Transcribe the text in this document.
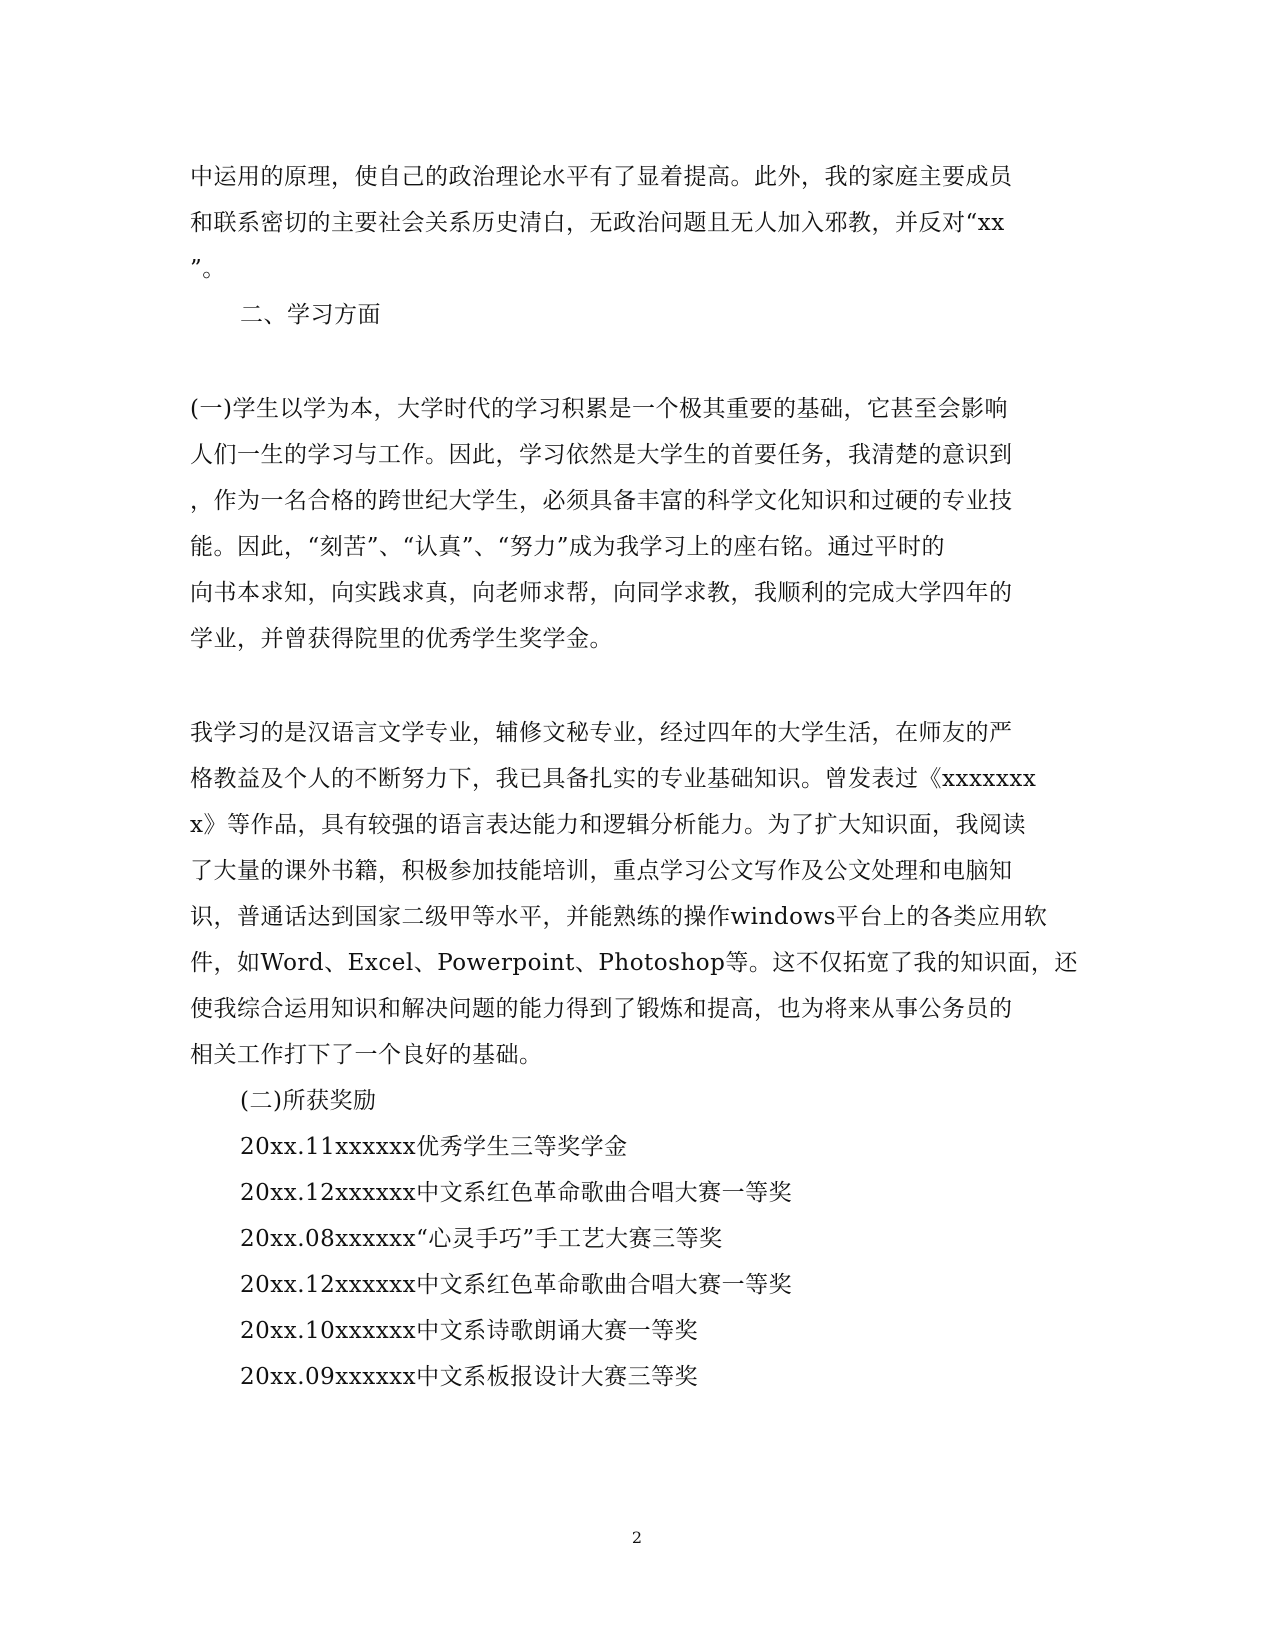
中运用的原理，使自己的政治理论水平有了显着提高。此外，我的家庭主要成员
和联系密切的主要社会关系历史清白，无政治问题且无人加入邪教，并反对“xx
”。
二、学习方面
(一)学生以学为本，大学时代的学习积累是一个极其重要的基础，它甚至会影响
人们一生的学习与工作。因此，学习依然是大学生的首要任务，我清楚的意识到
，作为一名合格的跨世纪大学生，必须具备丰富的科学文化知识和过硬的专业技
能。因此，“刻苦”、“认真”、“努力”成为我学习上的座右铭。通过平时的
向书本求知，向实践求真，向老师求帮，向同学求教，我顺利的完成大学四年的
学业，并曾获得院里的优秀学生奖学金。
我学习的是汉语言文学专业，辅修文秘专业，经过四年的大学生活，在师友的严
格教益及个人的不断努力下，我已具备扎实的专业基础知识。曾发表过《xxxxxxx
x》等作品，具有较强的语言表达能力和逻辑分析能力。为了扩大知识面，我阅读
了大量的课外书籍，积极参加技能培训，重点学习公文写作及公文处理和电脑知
识，普通话达到国家二级甲等水平，并能熟练的操作windows平台上的各类应用软
件，如Word、Excel、Powerpoint、Photoshop等。这不仅拓宽了我的知识面，还
使我综合运用知识和解决问题的能力得到了锻炼和提高，也为将来从事公务员的
相关工作打下了一个良好的基础。
(二)所获奖励
20xx.11xxxxxx优秀学生三等奖学金
20xx.12xxxxxx中文系红色革命歌曲合唱大赛一等奖
20xx.08xxxxxx“心灵手巧”手工艺大赛三等奖
20xx.12xxxxxx中文系红色革命歌曲合唱大赛一等奖
20xx.10xxxxxx中文系诗歌朗诵大赛一等奖
20xx.09xxxxxx中文系板报设计大赛三等奖
2
